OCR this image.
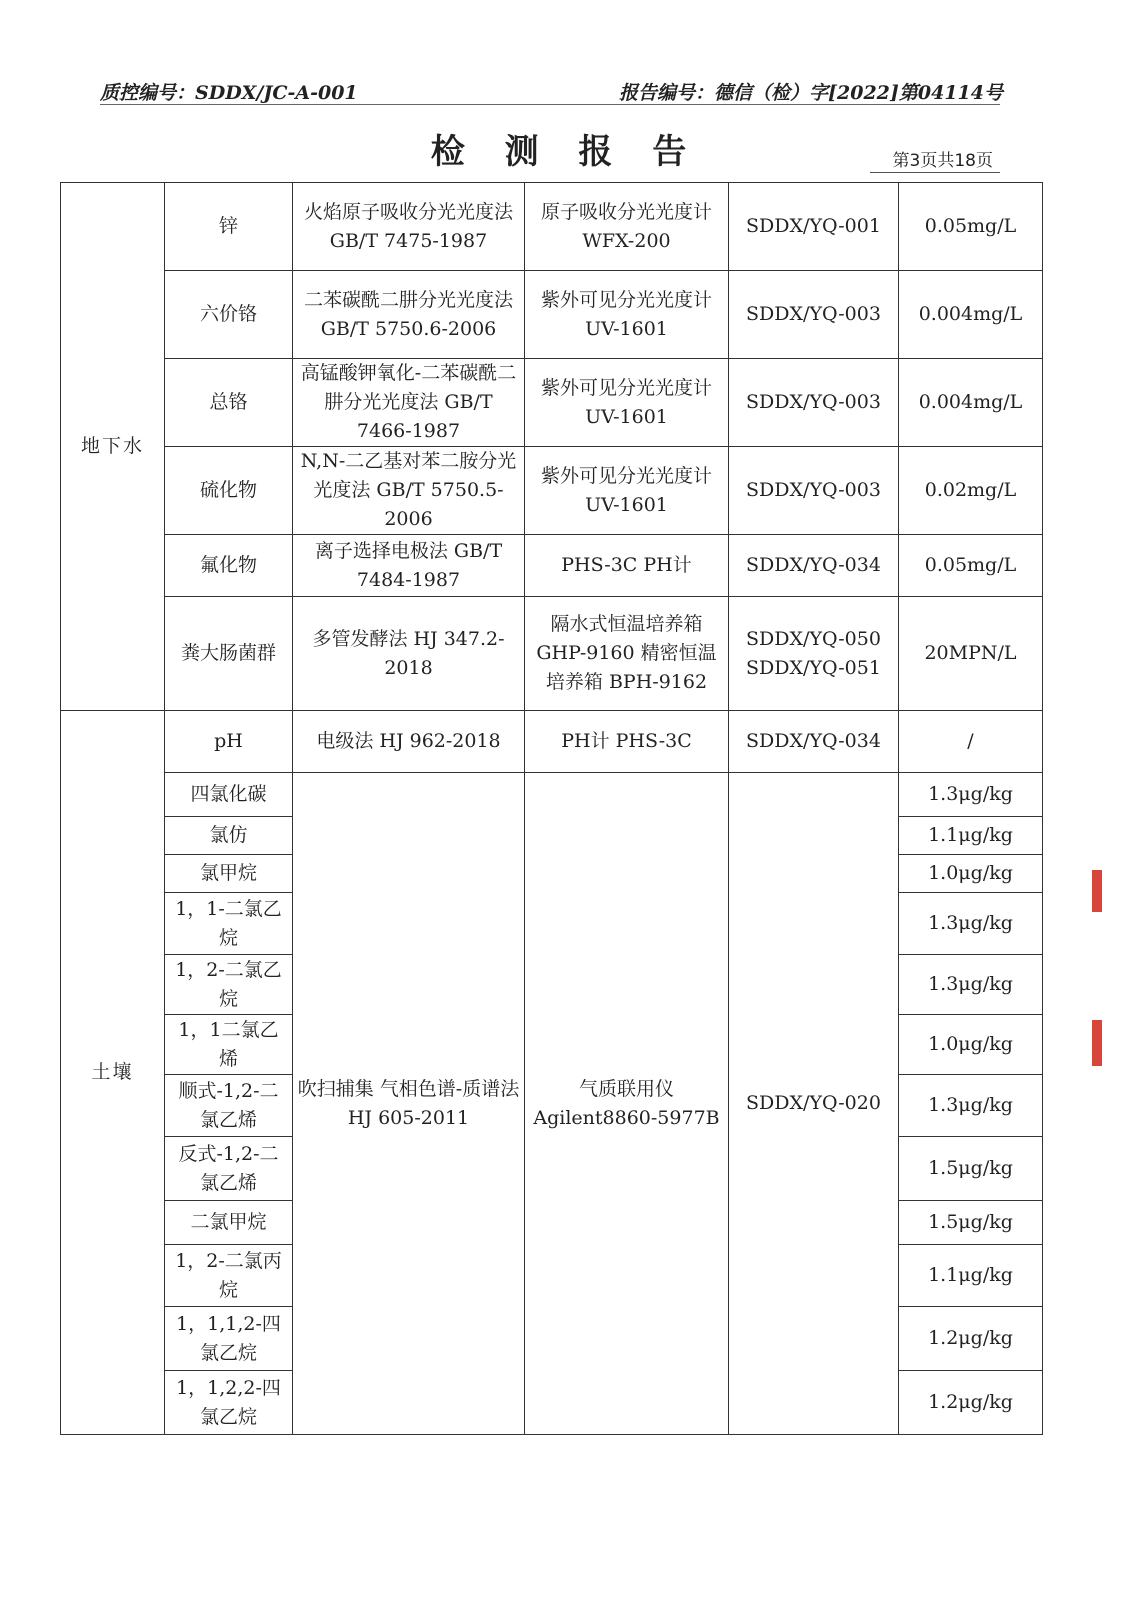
质控编号：SDDX/JC-A-001	报告编号：德信（检）字[2022]第04114号
检 测 报 告	第3页共18页
地下水	锌	火焰原子吸收分光光度法 GB/T 7475-1987	原子吸收分光光度计 WFX-200	SDDX/YQ-001	0.05mg/L
	六价铬	二苯碳酰二肼分光光度法 GB/T 5750.6-2006	紫外可见分光光度计 UV-1601	SDDX/YQ-003	0.004mg/L
	总铬	高锰酸钾氧化-二苯碳酰二肼分光光度法 GB/T 7466-1987	紫外可见分光光度计 UV-1601	SDDX/YQ-003	0.004mg/L
	硫化物	N,N-二乙基对苯二胺分光光度法 GB/T 5750.5-2006	紫外可见分光光度计 UV-1601	SDDX/YQ-003	0.02mg/L
	氟化物	离子选择电极法 GB/T 7484-1987	PHS-3C PH计	SDDX/YQ-034	0.05mg/L
	粪大肠菌群	多管发酵法 HJ 347.2-2018	隔水式恒温培养箱 GHP-9160 精密恒温培养箱 BPH-9162	SDDX/YQ-050 SDDX/YQ-051	20MPN/L
土壤	pH	电级法 HJ 962-2018	PH计 PHS-3C	SDDX/YQ-034	/
	四氯化碳	吹扫捕集 气相色谱-质谱法 HJ 605-2011	气质联用仪 Agilent8860-5977B	SDDX/YQ-020	1.3μg/kg
	氯仿				1.1μg/kg
	氯甲烷				1.0μg/kg
	1，1-二氯乙烷				1.3μg/kg
	1，2-二氯乙烷				1.3μg/kg
	1，1二氯乙烯				1.0μg/kg
	顺式-1,2-二氯乙烯				1.3μg/kg
	反式-1,2-二氯乙烯				1.5μg/kg
	二氯甲烷				1.5μg/kg
	1，2-二氯丙烷				1.1μg/kg
	1，1,1,2-四氯乙烷				1.2μg/kg
	1，1,2,2-四氯乙烷				1.2μg/kg
